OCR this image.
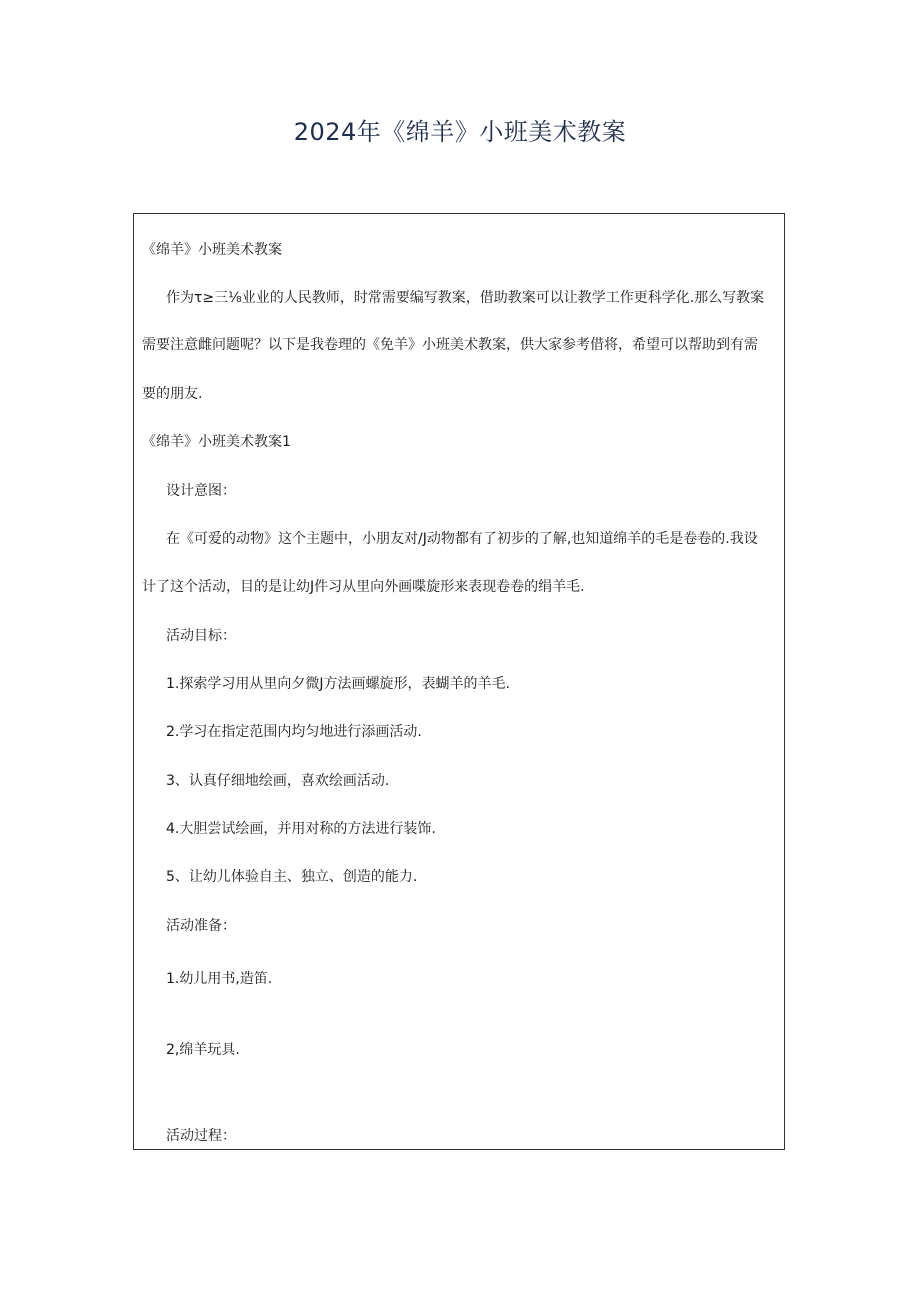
2024年《绵羊》小班美术教案

《绵羊》小班美术教案

作为τ≥三⅛业业的人民教师，时常需要编写教案，借助教案可以让教学工作更科学化.那么写教案

需要注意雌问题呢？以下是我卷理的《免羊》小班美术教案，供大家参考借将，希望可以帮助到有需

要的朋友.

《绵羊》小班美术教案1

设计意图：

在《可爱的动物》这个主题中，小朋友对/J动物都有了初步的了解,也知道绵羊的毛是卷卷的.我设

计了这个活动，目的是让幼J件习从里向外画喋旋形来表现卷卷的绢羊毛.

活动目标：

1.探索学习用从里向夕微J方法画螺旋形，表蝴羊的羊毛.

2.学习在指定范围内均匀地进行添画活动.

3、认真仔细地绘画，喜欢绘画活动.

4.大胆尝试绘画，并用对称的方法进行装饰.

5、让幼儿体验自主、独立、创造的能力.

活动准备：

1.幼儿用书,造笛.

2,绵羊玩具.

活动过程：
